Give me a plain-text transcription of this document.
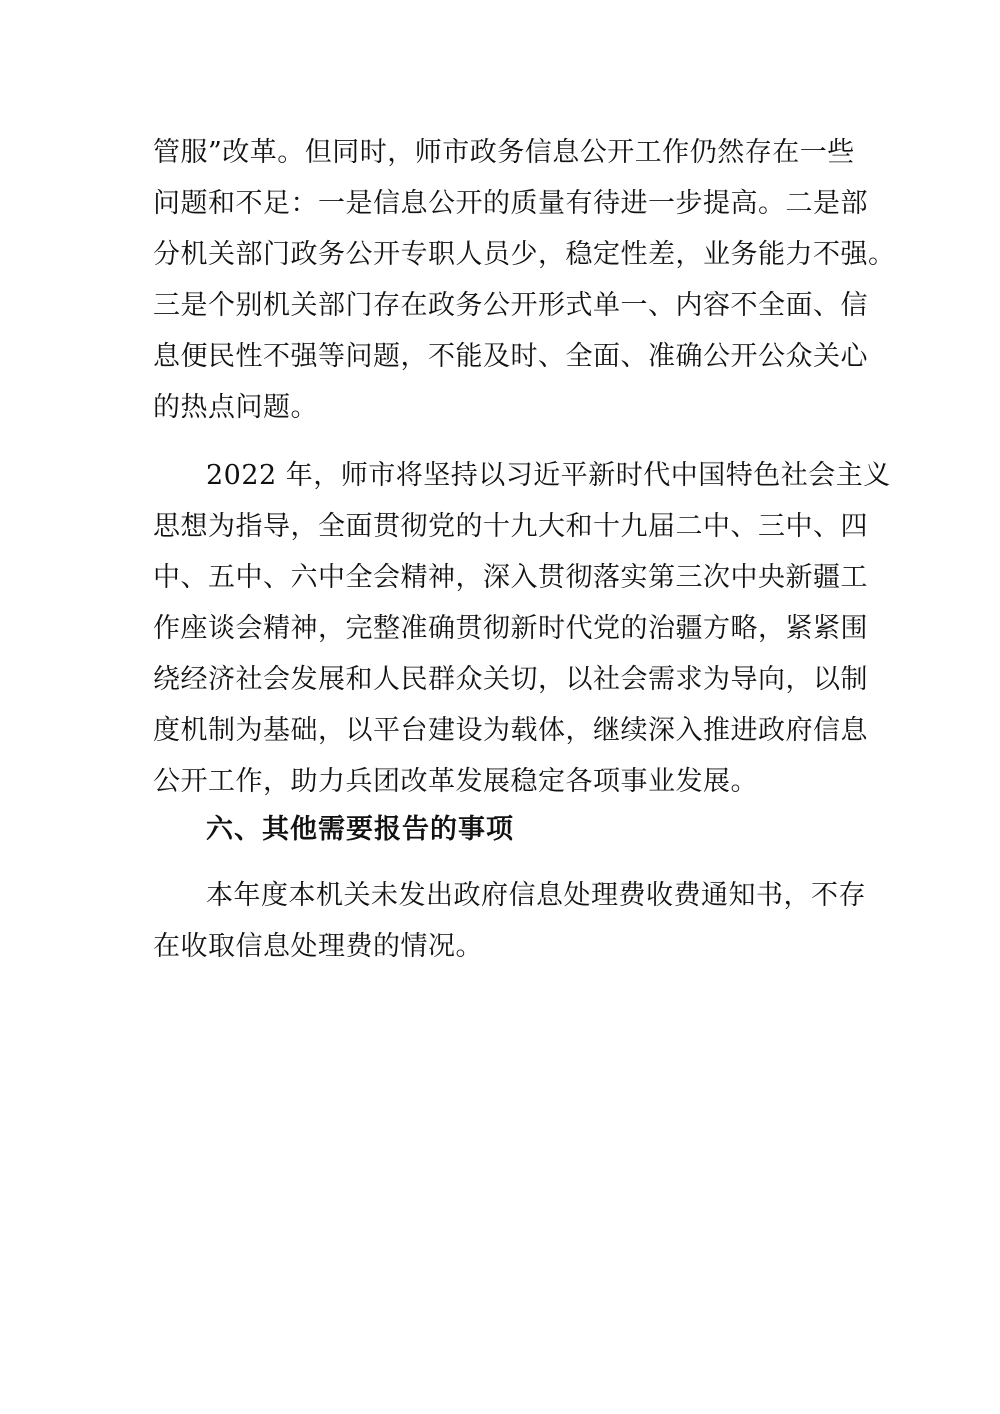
管服”改革。但同时，师市政务信息公开工作仍然存在一些
问题和不足：一是信息公开的质量有待进一步提高。二是部
分机关部门政务公开专职人员少，稳定性差，业务能力不强。
三是个别机关部门存在政务公开形式单一、内容不全面、信
息便民性不强等问题，不能及时、全面、准确公开公众关心
的热点问题。
2022 年，师市将坚持以习近平新时代中国特色社会主义
思想为指导，全面贯彻党的十九大和十九届二中、三中、四
中、五中、六中全会精神，深入贯彻落实第三次中央新疆工
作座谈会精神，完整准确贯彻新时代党的治疆方略，紧紧围
绕经济社会发展和人民群众关切，以社会需求为导向，以制
度机制为基础，以平台建设为载体，继续深入推进政府信息
公开工作，助力兵团改革发展稳定各项事业发展。
六、其他需要报告的事项
本年度本机关未发出政府信息处理费收费通知书，不存
在收取信息处理费的情况。
